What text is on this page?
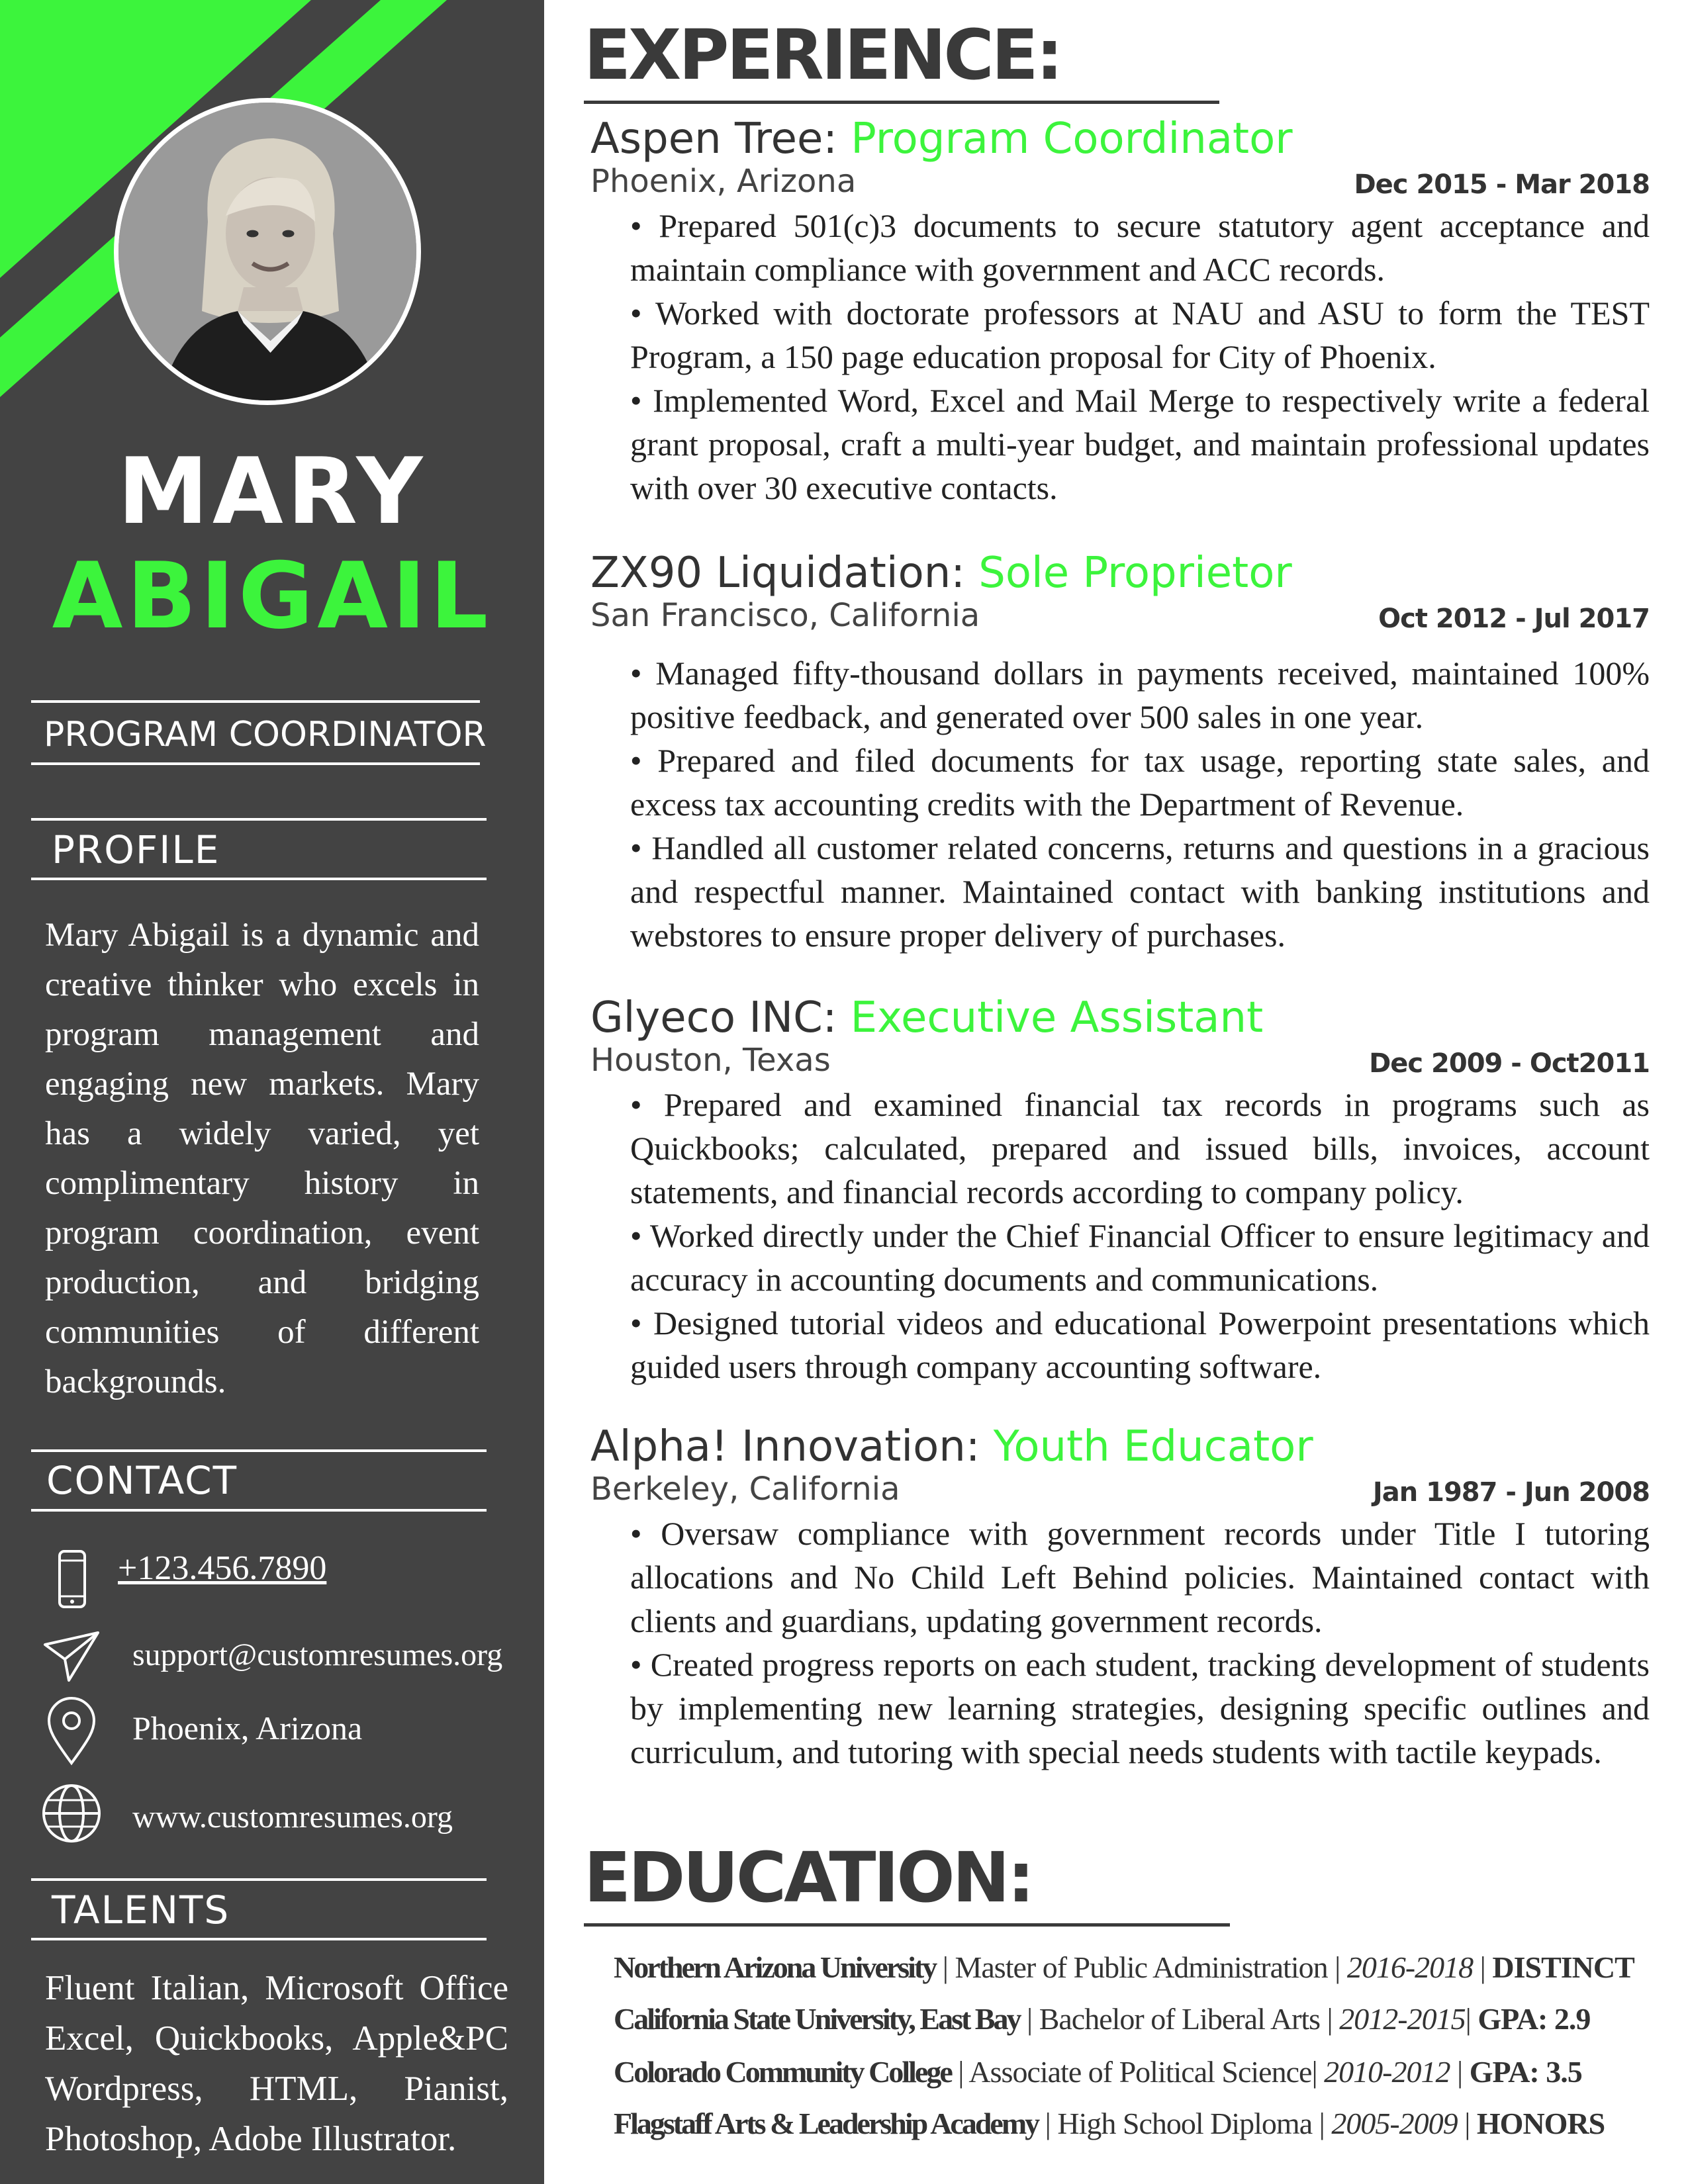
MARY
ABIGAIL
PROGRAM COORDINATOR
PROFILE
Mary Abigail is a dynamic and creative thinker who excels in program management and engaging new markets. Mary has a widely varied, yet complimentary history in program coordination, event production, and bridging communities of different backgrounds.
CONTACT
+123.456.7890
support@customresumes.org
Phoenix, Arizona
www.customresumes.org
TALENTS
Fluent Italian, Microsoft Office Excel, Quickbooks, Apple&PC Wordpress, HTML, Pianist, Photoshop, Adobe Illustrator.
EXPERIENCE:
Aspen Tree: Program Coordinator
Phoenix, Arizona	Dec 2015 - Mar 2018

• Prepared 501(c)3 documents to secure statutory agent acceptance and maintain compliance with government and ACC records.

• Worked with doctorate professors at NAU and ASU to form the TEST Program, a 150 page education proposal for City of Phoenix.

• Implemented Word, Excel and Mail Merge to respectively write a federal grant proposal, craft a multi-year budget, and maintain professional updates with over 30 executive contacts.

ZX90 Liquidation: Sole Proprietor
San Francisco, California	Oct 2012 - Jul 2017

• Managed fifty-thousand dollars in payments received, maintained 100% positive feedback, and generated over 500 sales in one year.

• Prepared and filed documents for tax usage, reporting state sales, and excess tax accounting credits with the Department of Revenue.

• Handled all customer related concerns, returns and questions in a gracious and respectful manner. Maintained contact with banking institutions and webstores to ensure proper delivery of purchases.

Glyeco INC: Executive Assistant
Houston, Texas	Dec 2009 - Oct2011

• Prepared and examined financial tax records in programs such as Quickbooks; calculated, prepared and issued bills, invoices, account statements, and financial records according to company policy.

• Worked directly under the Chief Financial Officer to ensure legitimacy and accuracy in accounting documents and communications.

• Designed tutorial videos and educational Powerpoint presentations which guided users through company accounting software.

Alpha! Innovation: Youth Educator
Berkeley, California	Jan 1987 - Jun 2008

• Oversaw compliance with government records under Title I tutoring allocations and No Child Left Behind policies. Maintained contact with clients and guardians, updating government records.

• Created progress reports on each student, tracking development of students by implementing new learning strategies, designing specific outlines and curriculum, and tutoring with special needs students with tactile keypads.

EDUCATION:
Northern Arizona University | Master of Public Administration | 2016-2018 | DISTINCT
California State University, East Bay | Bachelor of Liberal Arts | 2012-2015| GPA: 2.9
Colorado Community College | Associate of Political Science| 2010-2012 | GPA: 3.5
Flagstaff Arts & Leadership Academy | High School Diploma | 2005-2009 | HONORS
